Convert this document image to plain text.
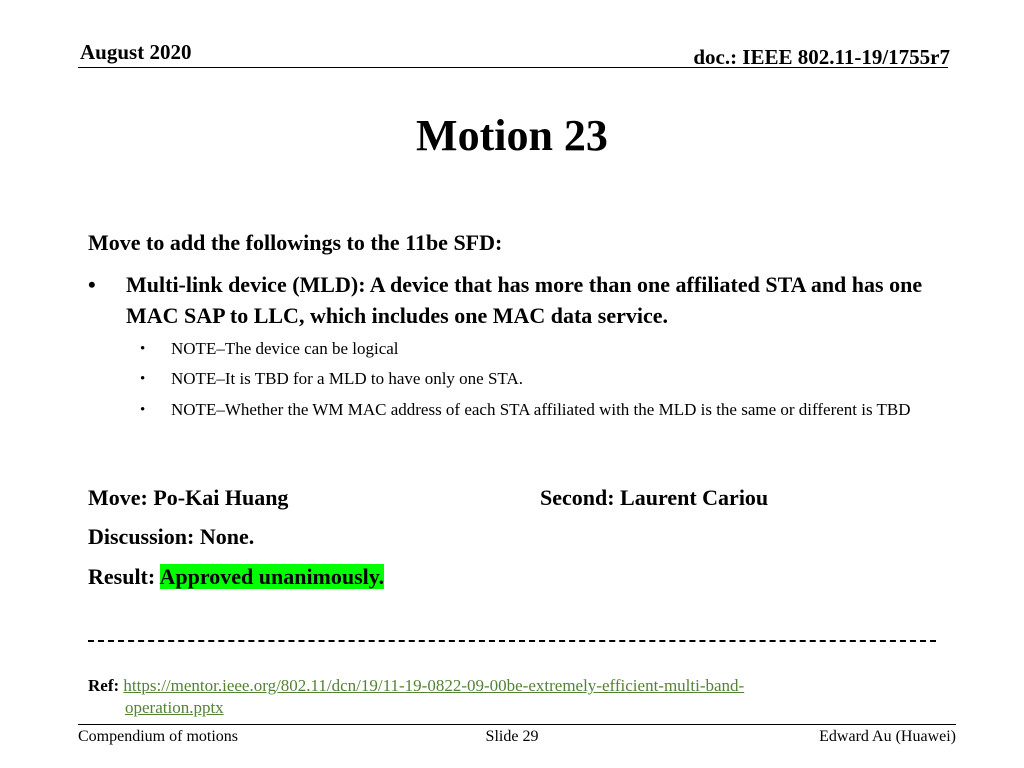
August 2020	doc.: IEEE 802.11-19/1755r7
Motion 23
Move to add the followings to the 11be SFD:
• Multi-link device (MLD): A device that has more than one affiliated STA and has one MAC SAP to LLC, which includes one MAC data service.
• NOTE–The device can be logical
• NOTE–It is TBD for a MLD to have only one STA.
• NOTE–Whether the WM MAC address of each STA affiliated with the MLD is the same or different is TBD
Move: Po-Kai Huang	Second: Laurent Cariou
Discussion: None.
Result: Approved unanimously.
Ref: https://mentor.ieee.org/802.11/dcn/19/11-19-0822-09-00be-extremely-efficient-multi-band-
operation.pptx
Compendium of motions	Slide 29	Edward Au (Huawei)
